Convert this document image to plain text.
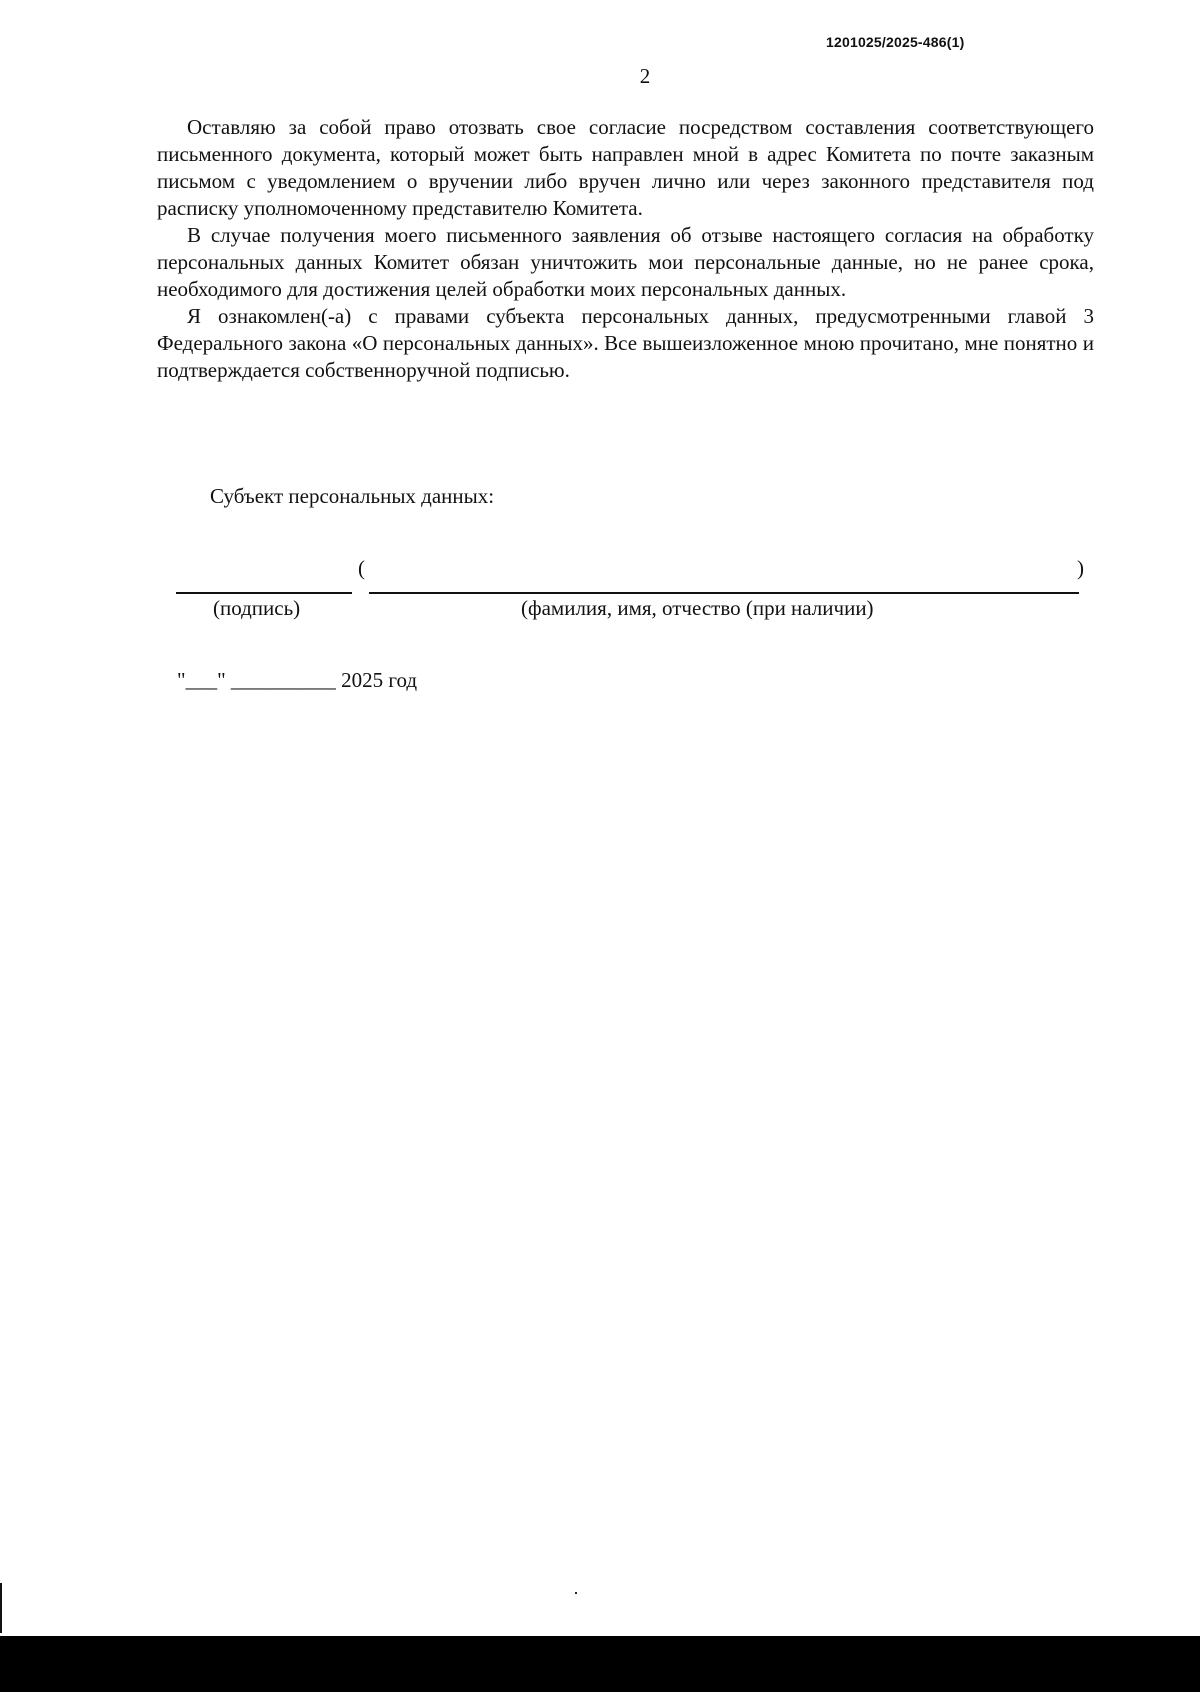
1201025/2025-486(1)
2

Оставляю за собой право отозвать свое согласие посредством составления соответствующего письменного документа, который может быть направлен мной в адрес Комитета по почте заказным письмом с уведомлением о вручении либо вручен лично или через законного представителя под расписку уполномоченному представителю Комитета.

В случае получения моего письменного заявления об отзыве настоящего согласия на обработку персональных данных Комитет обязан уничтожить мои персональные данные, но не ранее срока, необходимого для достижения целей обработки моих персональных данных.

Я ознакомлен(-а) с правами субъекта персональных данных, предусмотренными главой 3 Федерального закона «О персональных данных». Все вышеизложенное мною прочитано, мне понятно и подтверждается собственноручной подписью.

Субъект персональных данных:
(	)
(подпись)	(фамилия, имя, отчество (при наличии)
"___" __________ 2025 год
